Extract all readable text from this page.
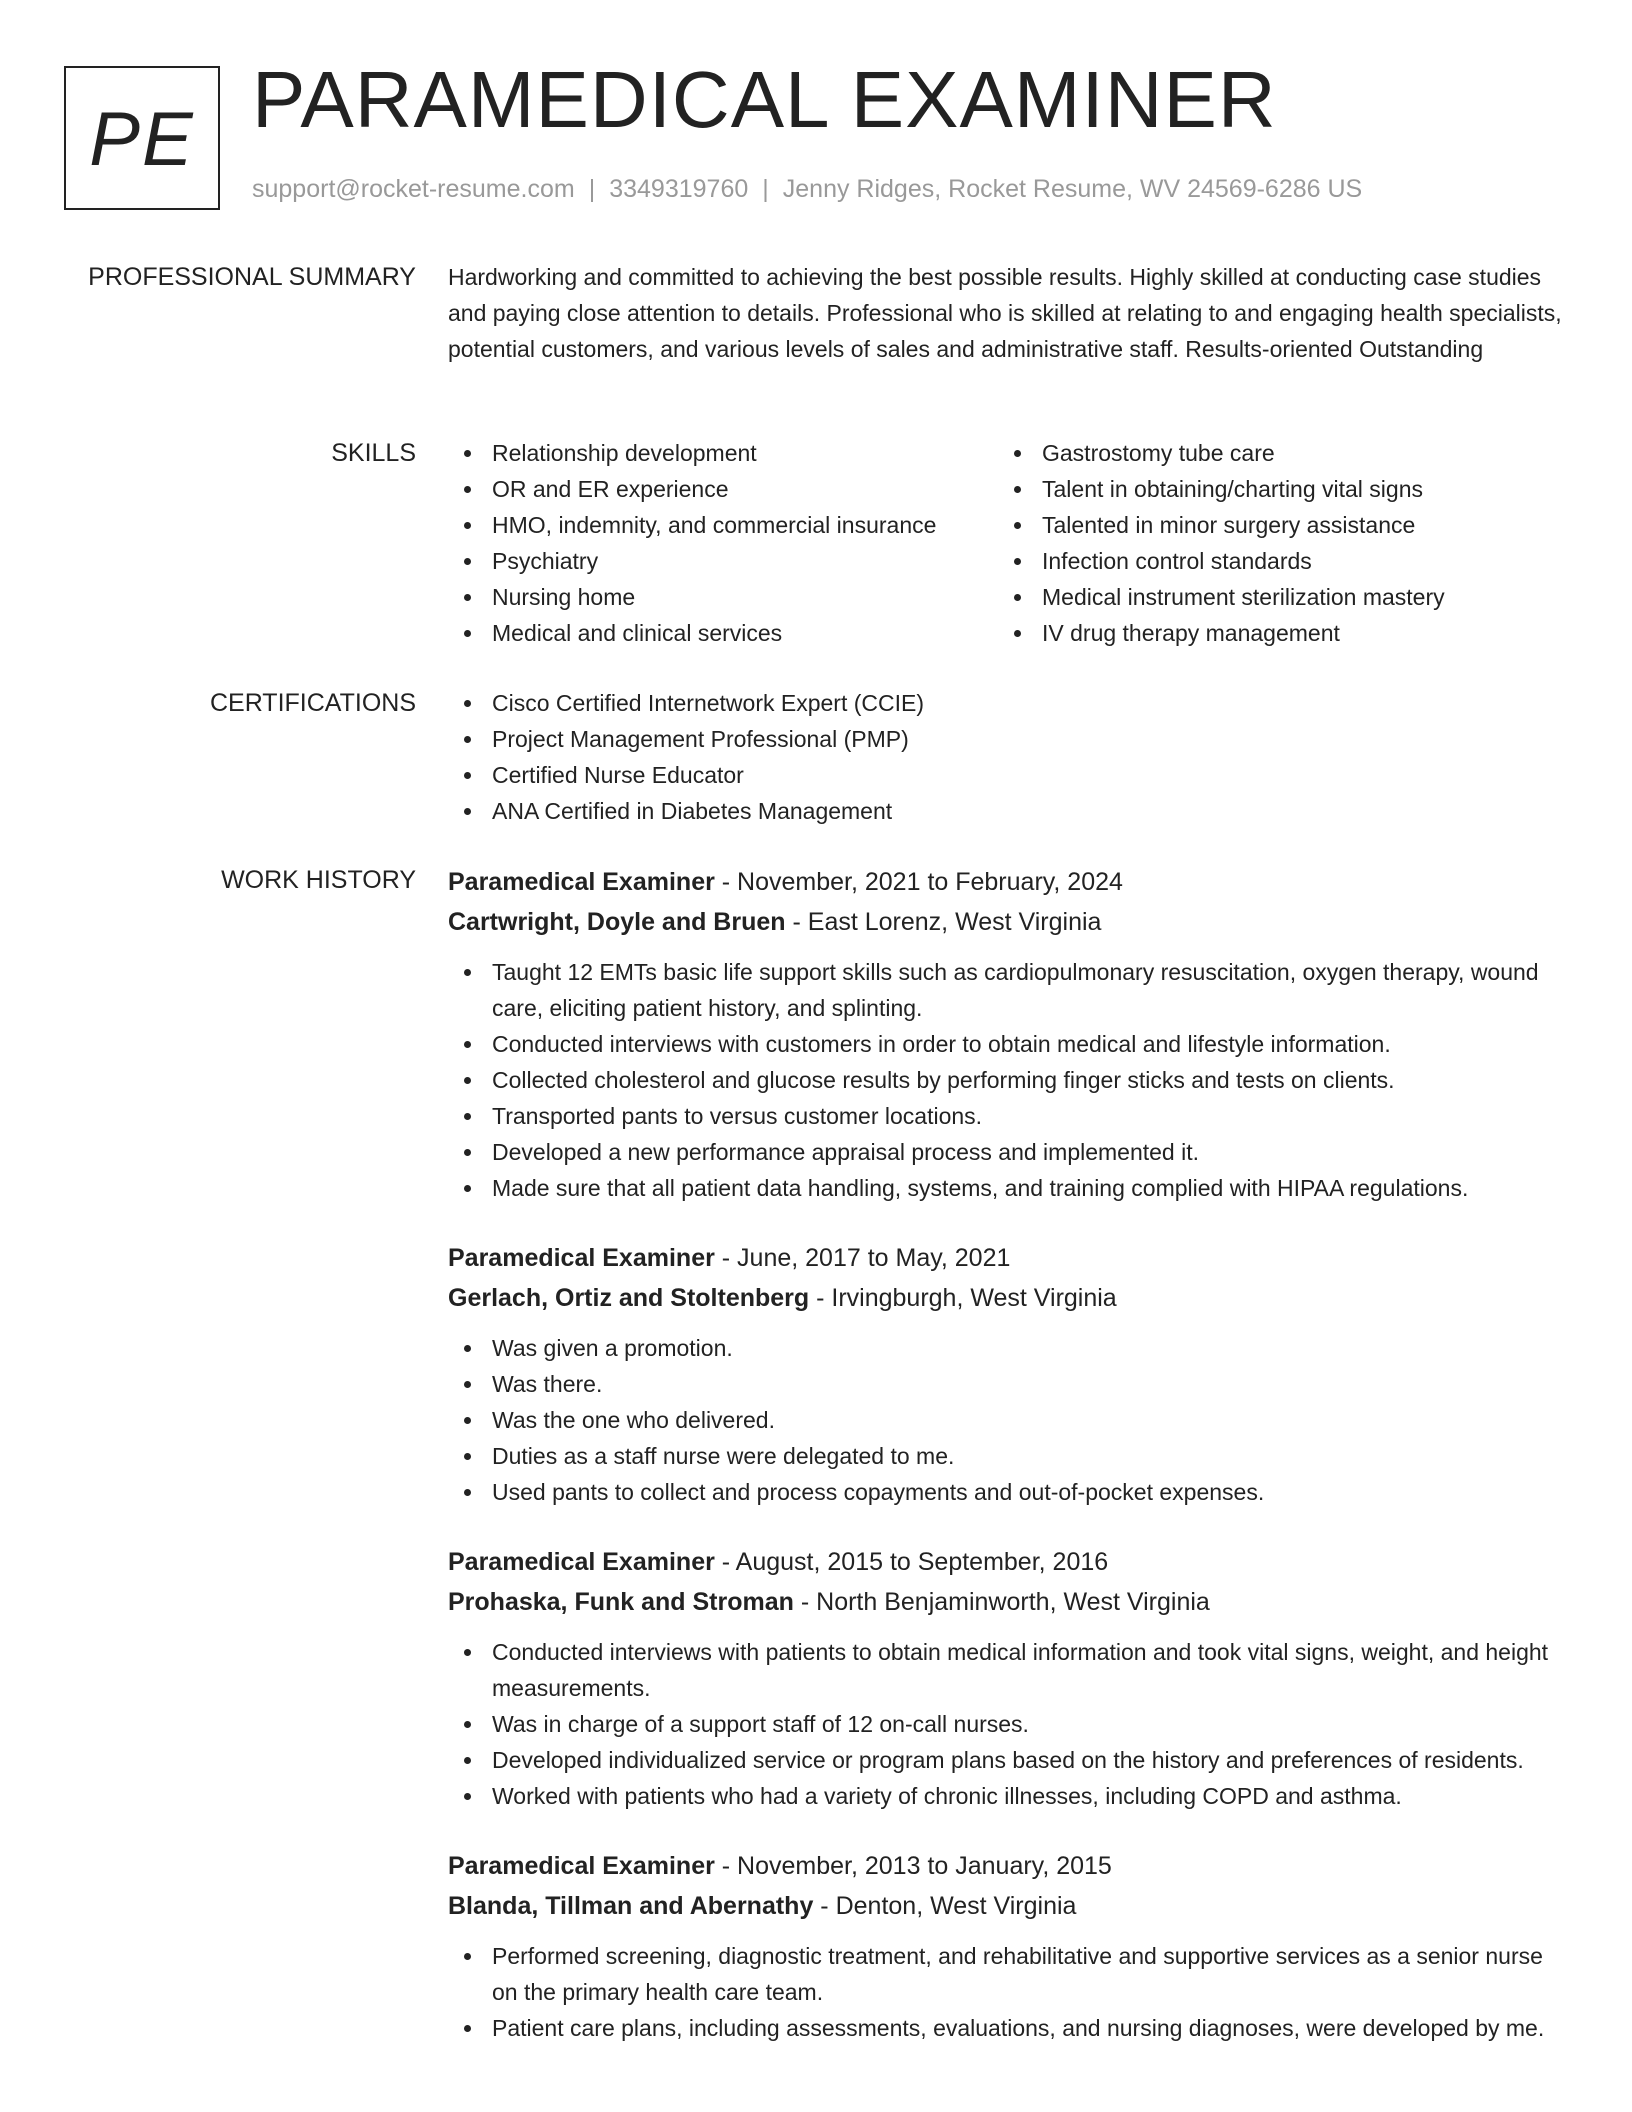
PE PARAMEDICAL EXAMINER
support@rocket-resume.com | 3349319760 | Jenny Ridges, Rocket Resume, WV 24569-6286 US
PROFESSIONAL SUMMARY Hardworking and committed to achieving the best possible results. Highly skilled at conducting case studies and paying close attention to details. Professional who is skilled at relating to and engaging health specialists, potential customers, and various levels of sales and administrative staff. Results-oriented Outstanding
SKILLS	Relationship development
OR and ER experience
HMO, indemnity, and commercial insurance
Psychiatry
Nursing home
Medical and clinical services
Gastrostomy tube care
Talent in obtaining/charting vital signs
Talented in minor surgery assistance
Infection control standards
Medical instrument sterilization mastery
IV drug therapy management
CERTIFICATIONS	Cisco Certified Internetwork Expert (CCIE)
Project Management Professional (PMP)
Certified Nurse Educator
ANA Certified in Diabetes Management
WORK HISTORY Paramedical Examiner - November, 2021 to February, 2024
Cartwright, Doyle and Bruen - East Lorenz, West Virginia
Taught 12 EMTs basic life support skills such as cardiopulmonary resuscitation, oxygen therapy, wound care, eliciting patient history, and splinting.
Conducted interviews with customers in order to obtain medical and lifestyle information.
Collected cholesterol and glucose results by performing finger sticks and tests on clients.
Transported pants to versus customer locations.
Developed a new performance appraisal process and implemented it.
Made sure that all patient data handling, systems, and training complied with HIPAA regulations.
Paramedical Examiner - June, 2017 to May, 2021
Gerlach, Ortiz and Stoltenberg - Irvingburgh, West Virginia
Was given a promotion.
Was there.
Was the one who delivered.
Duties as a staff nurse were delegated to me.
Used pants to collect and process copayments and out-of-pocket expenses.
Paramedical Examiner - August, 2015 to September, 2016
Prohaska, Funk and Stroman - North Benjaminworth, West Virginia
Conducted interviews with patients to obtain medical information and took vital signs, weight, and height measurements.
Was in charge of a support staff of 12 on-call nurses.
Developed individualized service or program plans based on the history and preferences of residents.
Worked with patients who had a variety of chronic illnesses, including COPD and asthma.
Paramedical Examiner - November, 2013 to January, 2015
Blanda, Tillman and Abernathy - Denton, West Virginia
Performed screening, diagnostic treatment, and rehabilitative and supportive services as a senior nurse on the primary health care team.
Patient care plans, including assessments, evaluations, and nursing diagnoses, were developed by me.
